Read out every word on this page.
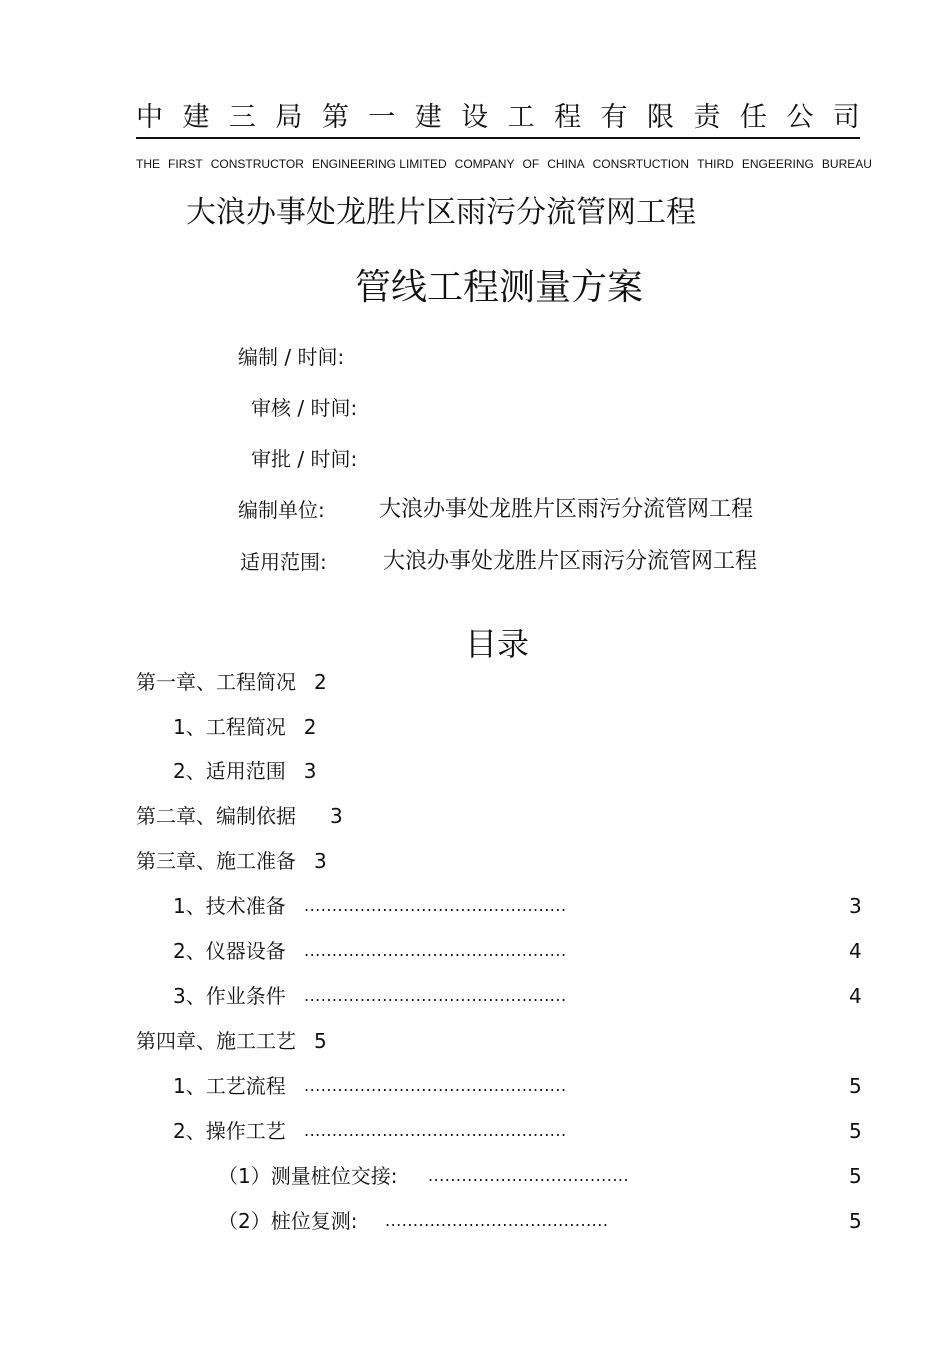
中 建 三 局 第 一 建 设 工 程 有 限 责 任 公 司
THE FIRST CONSTRUCTOR ENGINEERING LIMITED COMPANY OF CHINA CONSRTUCTION THIRD ENGEERING BUREAU
大浪办事处龙胜片区雨污分流管网工程
管线工程测量方案
编制 / 时间:
审核 / 时间:
审批 / 时间:
编制单位: 大浪办事处龙胜片区雨污分流管网工程
适用范围:	大浪办事处龙胜片区雨污分流管网工程
目录
第一章、工程简况 2
1、工程简况 2
2、适用范围 3
第二章、编制依据 3
第三章、施工准备 3
1、技术准备 ...............................................	3
2、仪器设备 ...............................................	4
3、作业条件 ...............................................	4
第四章、施工工艺 5
1、工艺流程 ...............................................	5
2、操作工艺 ...............................................	5
（1）测量桩位交接: ....................................	5
（2）桩位复测: ........................................	5
